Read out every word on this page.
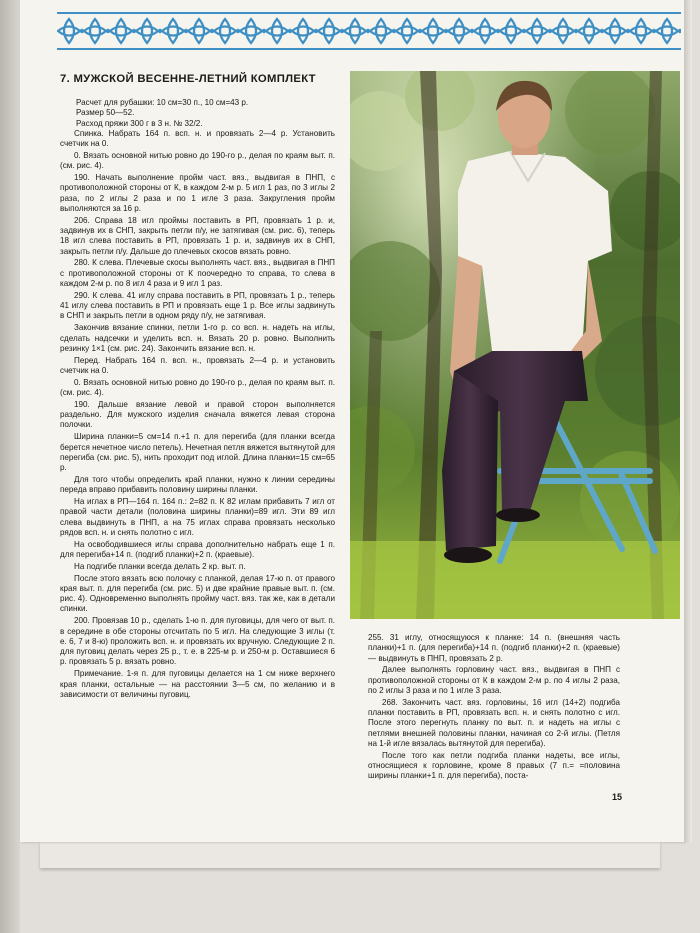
7. МУЖСКОЙ ВЕСЕННЕ-ЛЕТНИЙ КОМПЛЕКТ
Расчет для рубашки: 10 см=30 п., 10 см=43 р.
Размер 50—52.
Расход пряжи 300 г в 3 н. № 32/2.

Спинка. Набрать 164 п. всп. н. и провязать 2—4 р. Установить счетчик на 0.

0. Вязать основной нитью ровно до 190-го р., делая по краям выт. п. (см. рис. 4).

190. Начать выполнение пройм част. вяз., выдвигая в ПНП, с противоположной стороны от К, в каждом 2-м р. 5 игл 1 раз, по 3 иглы 2 раза, по 2 иглы 2 раза и по 1 игле 3 раза. Закругления пройм выполняются за 16 р.

206. Справа 18 игл проймы поставить в РП, провязать 1 р. и, задвинув их в СНП, закрыть петли п/у, не затягивая (см. рис. 6), теперь 18 игл слева поставить в РП, провязать 1 р. и, задвинув их в СНП, закрыть петли п/у. Дальше до плечевых скосов вязать ровно.

280. К слева. Плечевые скосы выполнять част. вяз., выдвигая в ПНП с противоположной стороны от К поочередно то справа, то слева в каждом 2-м р. по 8 игл 4 раза и 9 игл 1 раз.

290. К слева. 41 иглу справа поставить в РП, провязать 1 р., теперь 41 иглу слева поставить в РП и провязать еще 1 р. Все иглы задвинуть в СНП и закрыть петли в одном ряду п/у, не затягивая.

Закончив вязание спинки, петли 1-го р. со всп. н. надеть на иглы, сделать надсечки и уделить всп. н. Вязать 20 р. ровно. Выполнить резинку 1×1 (см. рис. 24). Закончить вязание всп. н.

Перед. Набрать 164 п. всп. н., провязать 2—4 р. и установить счетчик на 0.

0. Вязать основной нитью ровно до 190-го р., делая по краям выт. п. (см. рис. 4).

190. Дальше вязание левой и правой сторон выполняется раздельно. Для мужского изделия сначала вяжется левая сторона полочки.

Ширина планки=5 см=14 п.+1 п. для перегиба (для планки всегда берется нечетное число петель). Нечетная петля вяжется вытянутой для перегиба (см. рис. 5), нить проходит под иглой. Длина планки=15 см=65 р.

Для того чтобы определить край планки, нужно к линии середины переда вправо прибавить половину ширины планки.

На иглах в РП—164 п. 164 п.: 2=82 п. К 82 иглам прибавить 7 игл от правой части детали (половина ширины планки)=89 игл. Эти 89 игл слева выдвинуть в ПНП, а на 75 иглах справа провязать несколько рядов всп. н. и снять полотно с игл.

На освободившиеся иглы справа дополнительно набрать еще 1 п. для перегиба+14 п. (подгиб планки)+2 п. (краевые).

На подгибе планки всегда делать 2 кр. выт. п.

После этого вязать всю полочку с планкой, делая 17-ю п. от правого края выт. п. для перегиба (см. рис. 5) и две крайние правые выт. п. (см. рис. 4). Одновременно выполнять пройму част. вяз. так же, как в детали спинки.

200. Провязав 10 р., сделать 1-ю п. для пуговицы, для чего от выт. п. в середине в обе стороны отсчитать по 5 игл. На следующие 3 иглы (т. е. 6, 7 и 8-ю) проложить всп. н. и провязать их вручную. Следующие 2 п. для пуговиц делать через 25 р., т. е. в 225-м р. и 250-м р. Оставшиеся 6 р. провязать 5 р. вязать ровно.

Примечание. 1-я п. для пуговицы делается на 1 см ниже верхнего края планки, остальные — на расстоянии 3—5 см, по желанию и в зависимости от величины пуговиц.

255. 31 иглу, относящуюся к планке: 14 п. (внешняя часть планки)+1 п. (для перегиба)+14 п. (подгиб планки)+2 п. (краевые) — выдвинуть в ПНП, провязать 2 р.

Далее выполнять горловину част. вяз., выдвигая в ПНП с противоположной стороны от К в каждом 2-м р. по 4 иглы 2 раза, по 2 иглы 3 раза и по 1 игле 3 раза.

268. Закончить част. вяз. горловины, 16 игл (14+2) подгиба планки поставить в РП, провязать всп. н. и снять полотно с игл. После этого перегнуть планку по выт. п. и надеть на иглы с петлями внешней половины планки, начиная со 2-й иглы. (Петля на 1-й игле вязалась вытянутой для перегиба).

После того как петли подгиба планки надеты, все иглы, относящиеся к горловине, кроме 8 правых (7 п.= =половина ширины планки+1 п. для перегиба), поста-

15
